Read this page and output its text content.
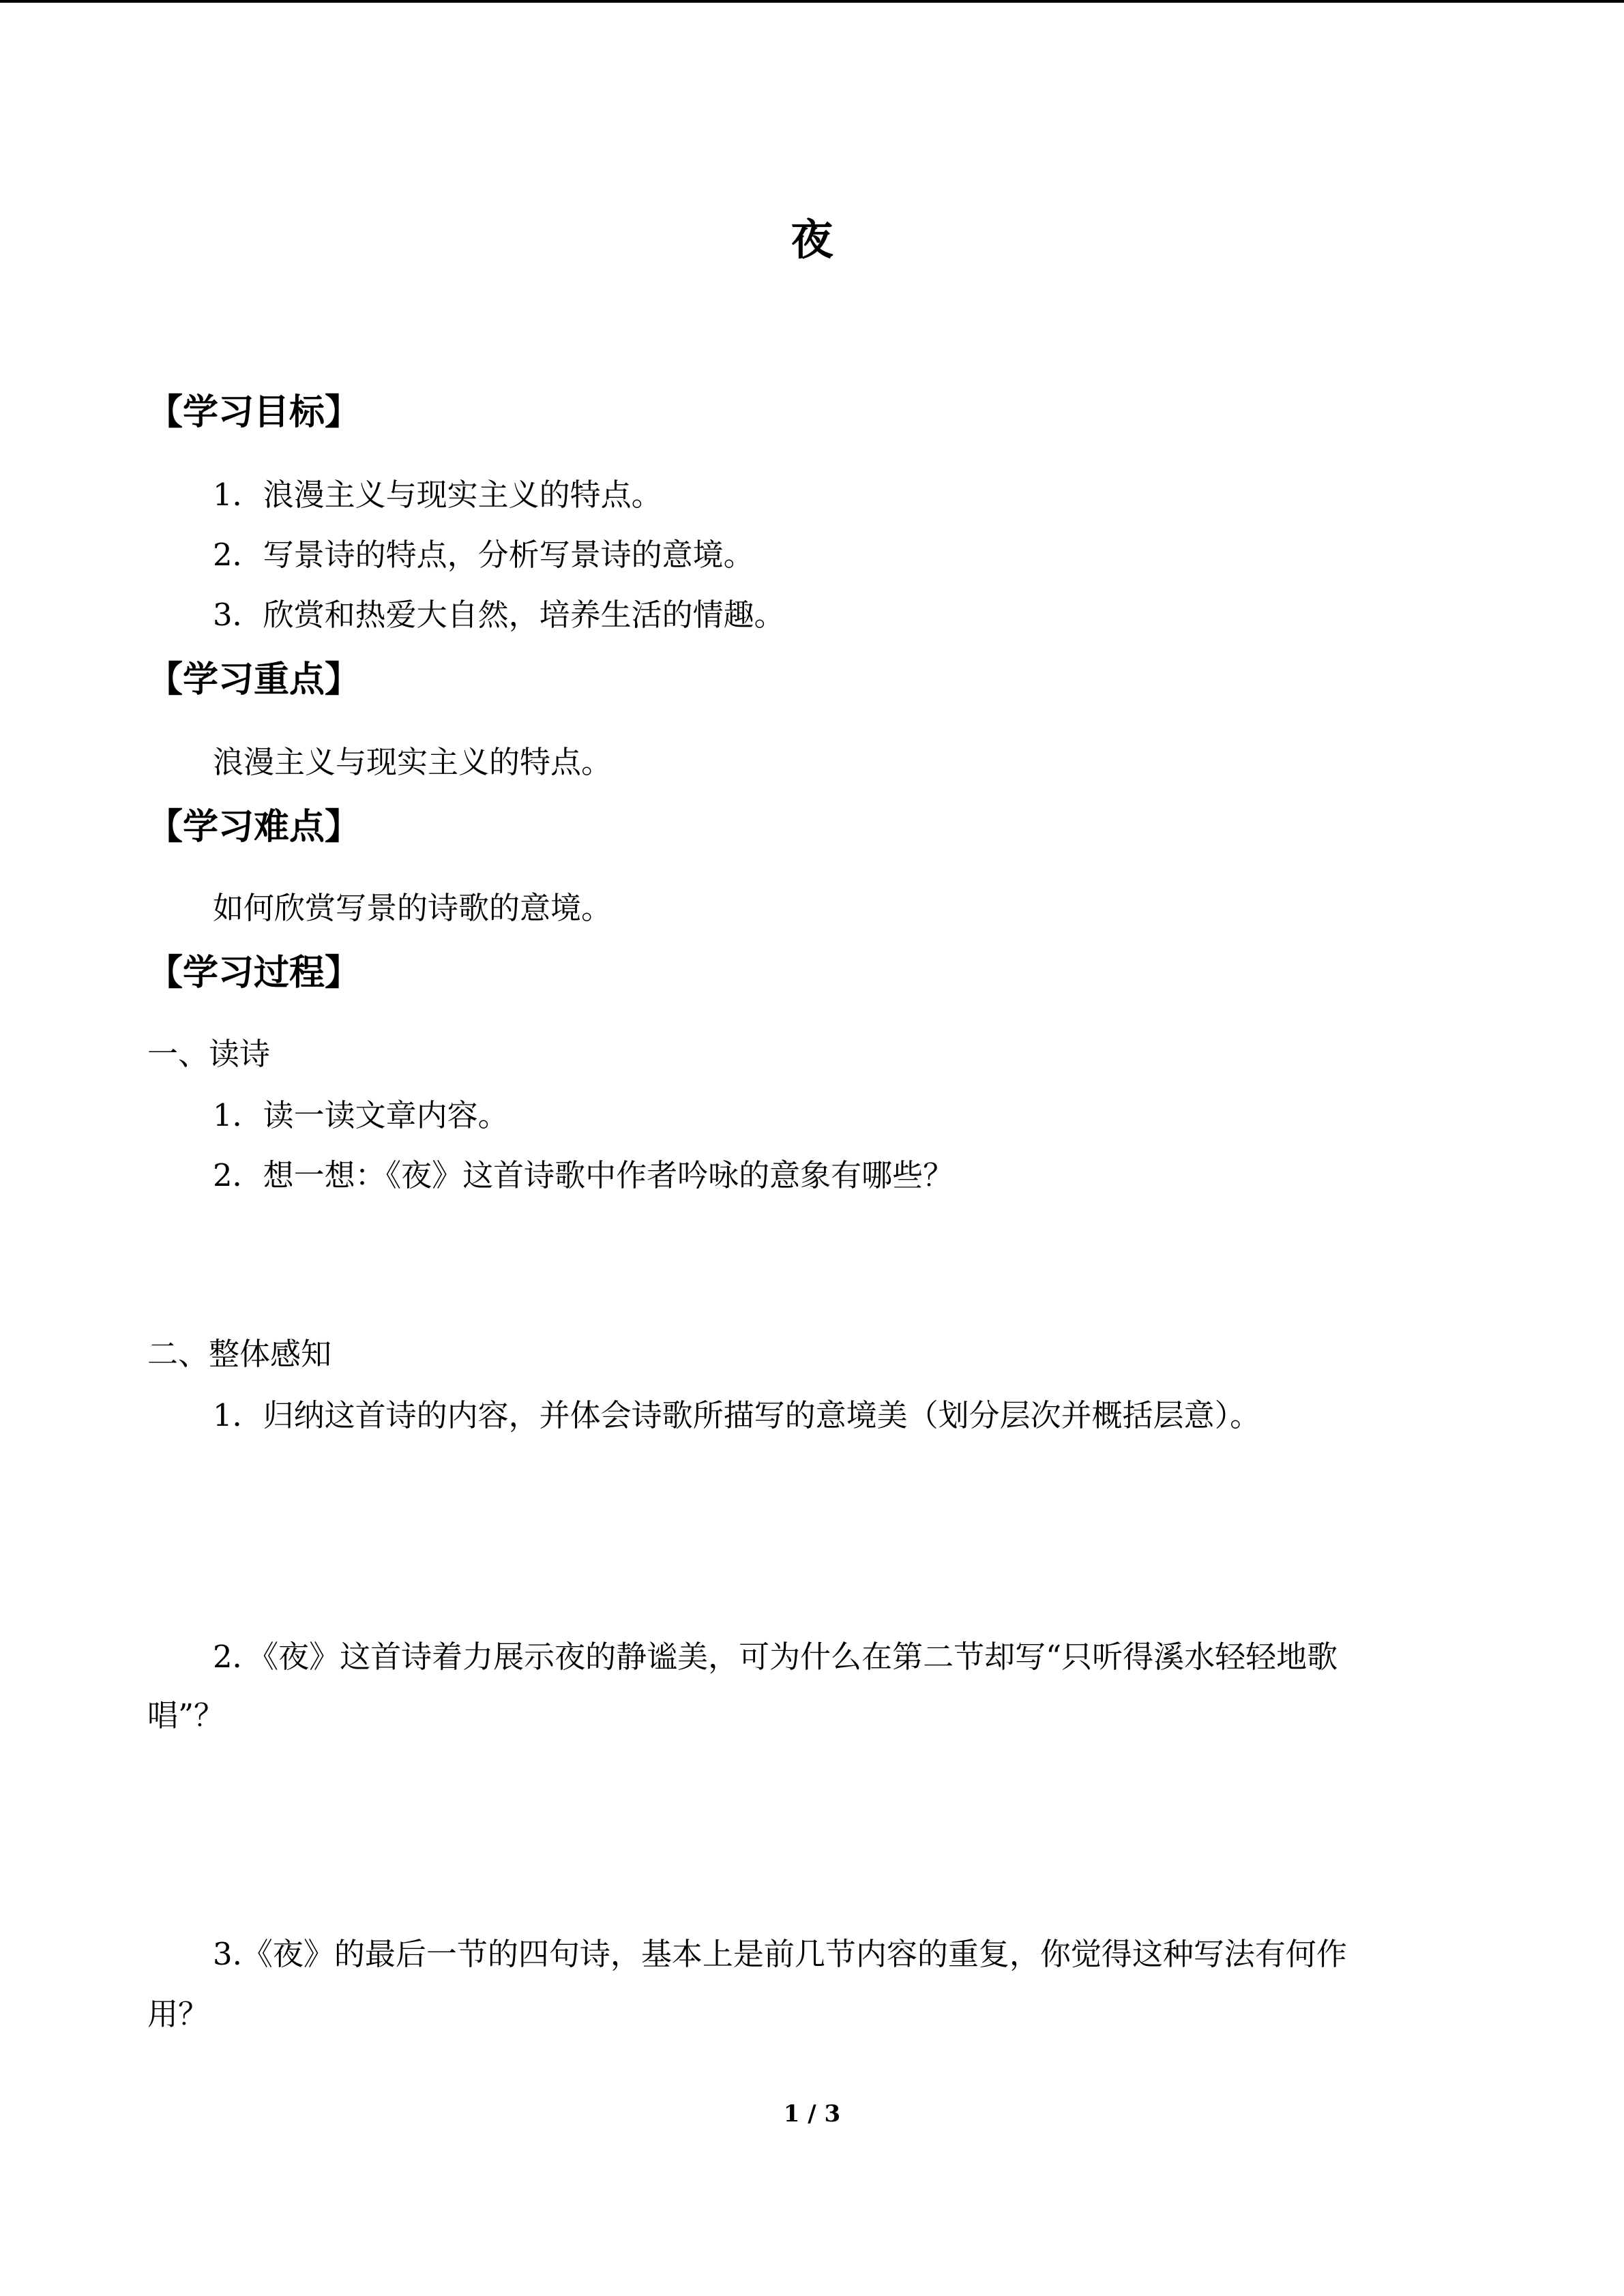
夜
【学习目标】
1．浪漫主义与现实主义的特点。
2．写景诗的特点，分析写景诗的意境。
3．欣赏和热爱大自然，培养生活的情趣。
【学习重点】
浪漫主义与现实主义的特点。
【学习难点】
如何欣赏写景的诗歌的意境。
【学习过程】
一、读诗
1．读一读文章内容。
2．想一想：《夜》这首诗歌中作者吟咏的意象有哪些？
二、整体感知
1．归纳这首诗的内容，并体会诗歌所描写的意境美（划分层次并概括层意）。
2．《夜》这首诗着力展示夜的静谧美，可为什么在第二节却写“只听得溪水轻轻地歌
唱”？
3.《夜》的最后一节的四句诗，基本上是前几节内容的重复，你觉得这种写法有何作
用？
1 / 3
